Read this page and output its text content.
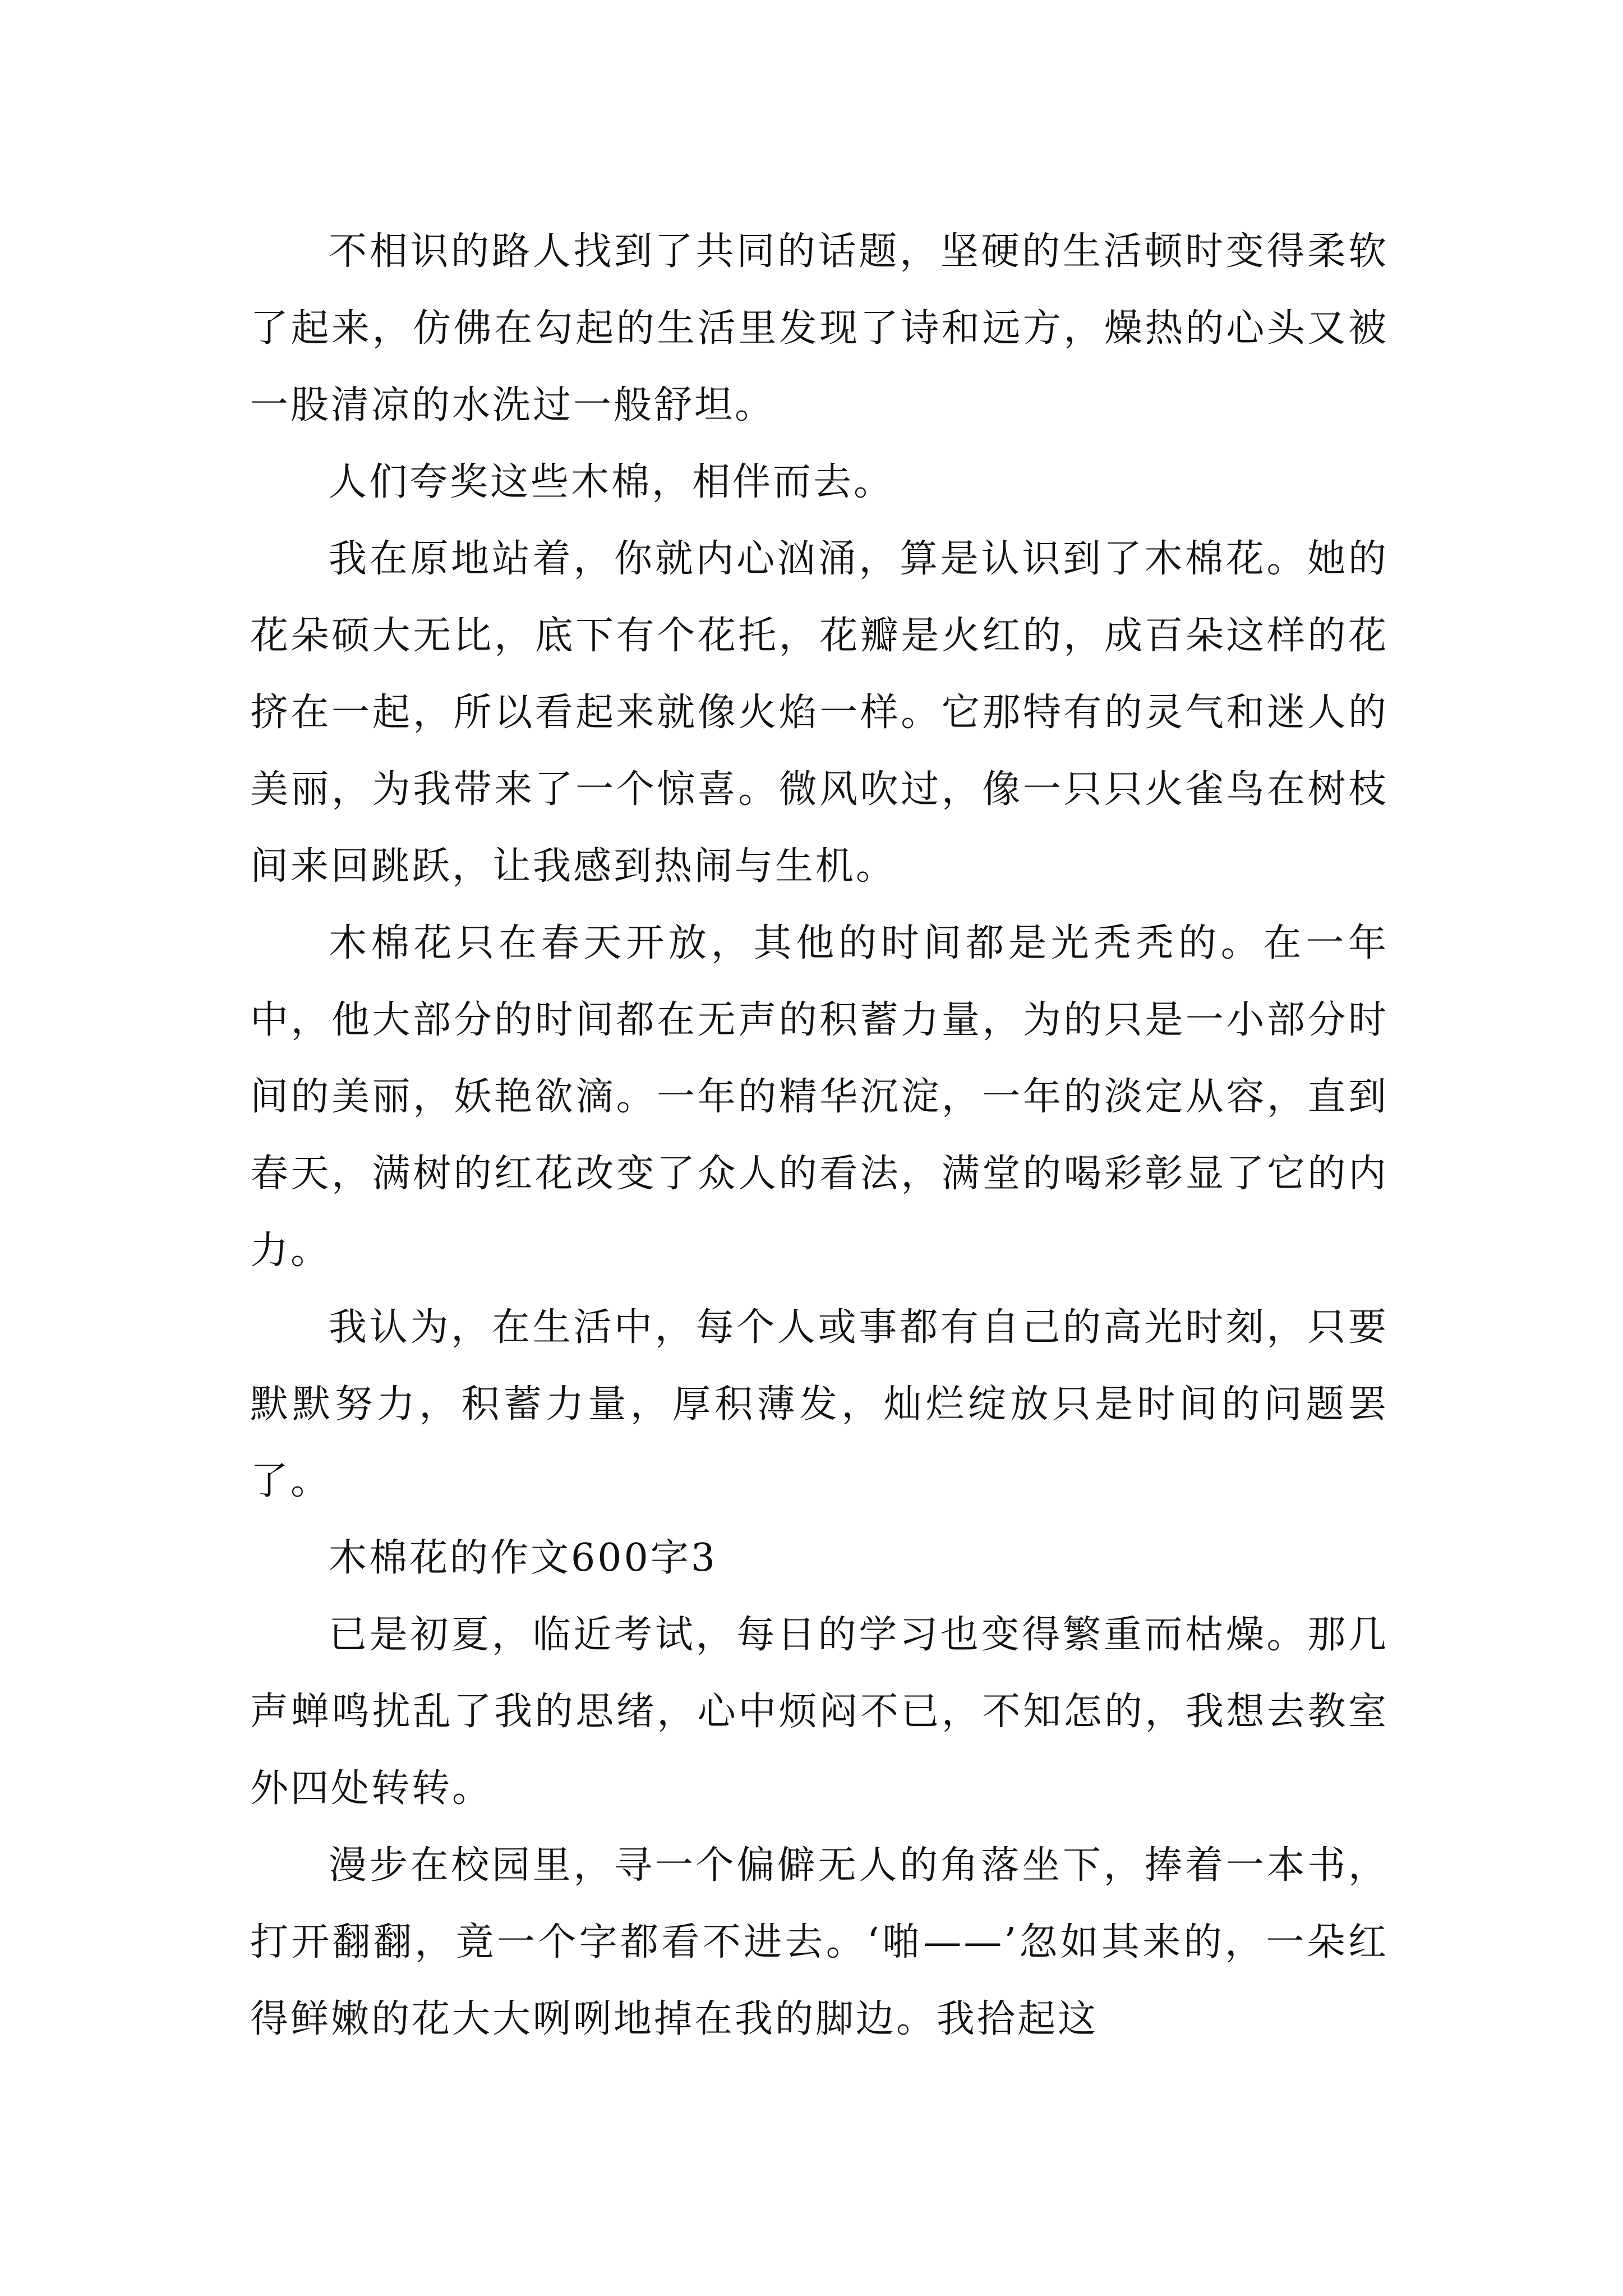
不相识的路人找到了共同的话题，坚硬的生活顿时变得柔软了起来，仿佛在勾起的生活里发现了诗和远方，燥热的心头又被一股清凉的水洗过一般舒坦。

人们夸奖这些木棉，相伴而去。

我在原地站着，你就内心汹涌，算是认识到了木棉花。她的花朵硕大无比，底下有个花托，花瓣是火红的，成百朵这样的花挤在一起，所以看起来就像火焰一样。它那特有的灵气和迷人的美丽，为我带来了一个惊喜。微风吹过，像一只只火雀鸟在树枝间来回跳跃，让我感到热闹与生机。

木棉花只在春天开放，其他的时间都是光秃秃的。在一年中，他大部分的时间都在无声的积蓄力量，为的只是一小部分时间的美丽，妖艳欲滴。一年的精华沉淀，一年的淡定从容，直到春天，满树的红花改变了众人的看法，满堂的喝彩彰显了它的内力。

我认为，在生活中，每个人或事都有自己的高光时刻，只要默默努力，积蓄力量，厚积薄发，灿烂绽放只是时间的问题罢了。

木棉花的作文600字3

已是初夏，临近考试，每日的学习也变得繁重而枯燥。那几声蝉鸣扰乱了我的思绪，心中烦闷不已，不知怎的，我想去教室外四处转转。

漫步在校园里，寻一个偏僻无人的角落坐下，捧着一本书，打开翻翻，竟一个字都看不进去。‘啪——’忽如其来的，一朵红得鲜嫩的花大大咧咧地掉在我的脚边。我拾起这
